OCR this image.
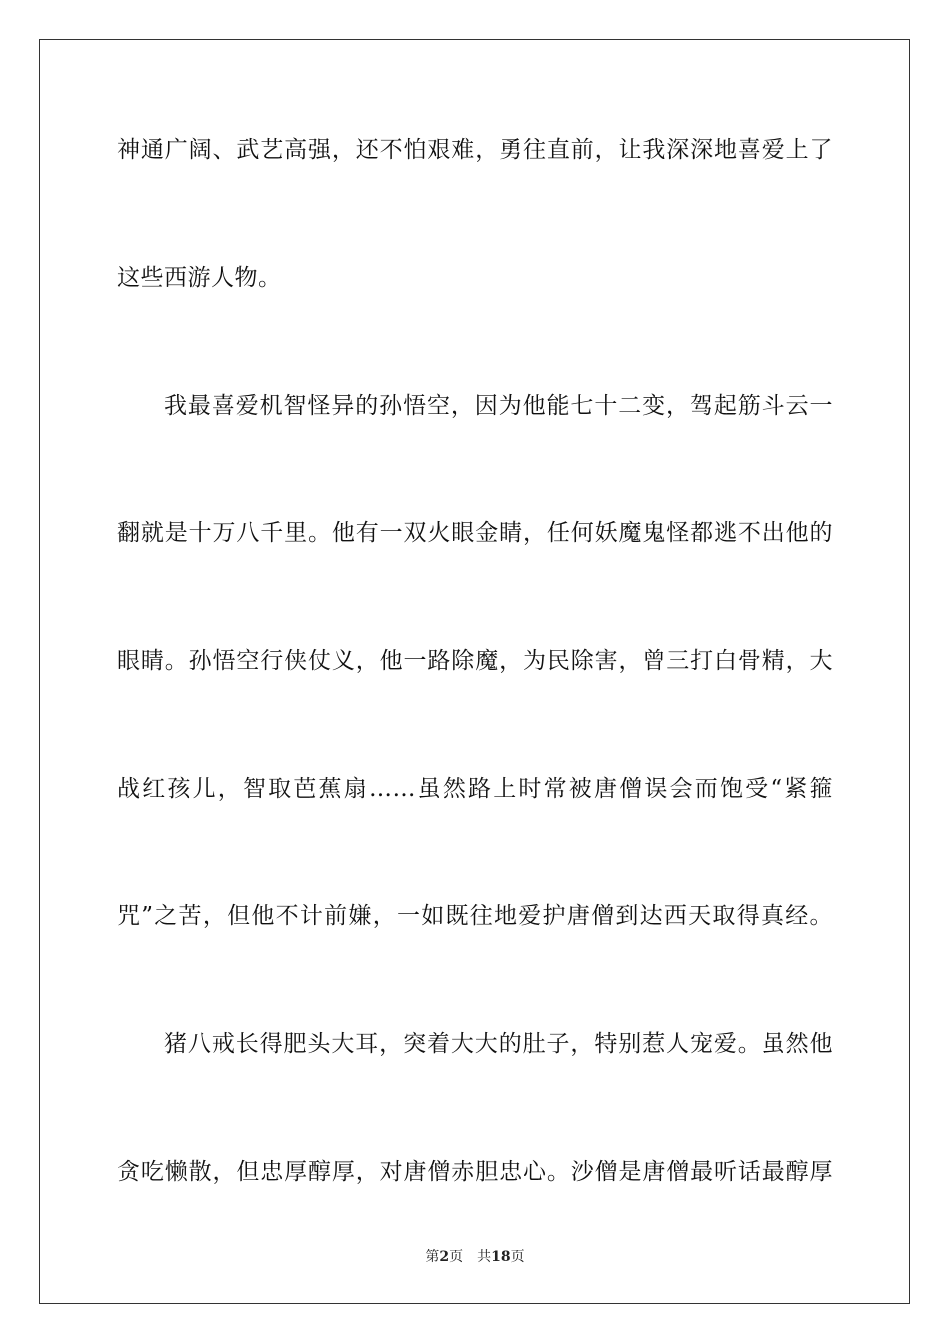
神通广阔、武艺高强，还不怕艰难，勇往直前，让我深深地喜爱上了
这些西游人物。
我最喜爱机智怪异的孙悟空，因为他能七十二变，驾起筋斗云一
翻就是十万八千里。他有一双火眼金睛，任何妖魔鬼怪都逃不出他的
眼睛。孙悟空行侠仗义，他一路除魔，为民除害，曾三打白骨精，大
战红孩儿，智取芭蕉扇……虽然路上时常被唐僧误会而饱受“紧箍
咒”之苦，但他不计前嫌，一如既往地爱护唐僧到达西天取得真经。
猪八戒长得肥头大耳，突着大大的肚子，特别惹人宠爱。虽然他
贪吃懒散，但忠厚醇厚，对唐僧赤胆忠心。沙僧是唐僧最听话最醇厚
第2页 共18页
